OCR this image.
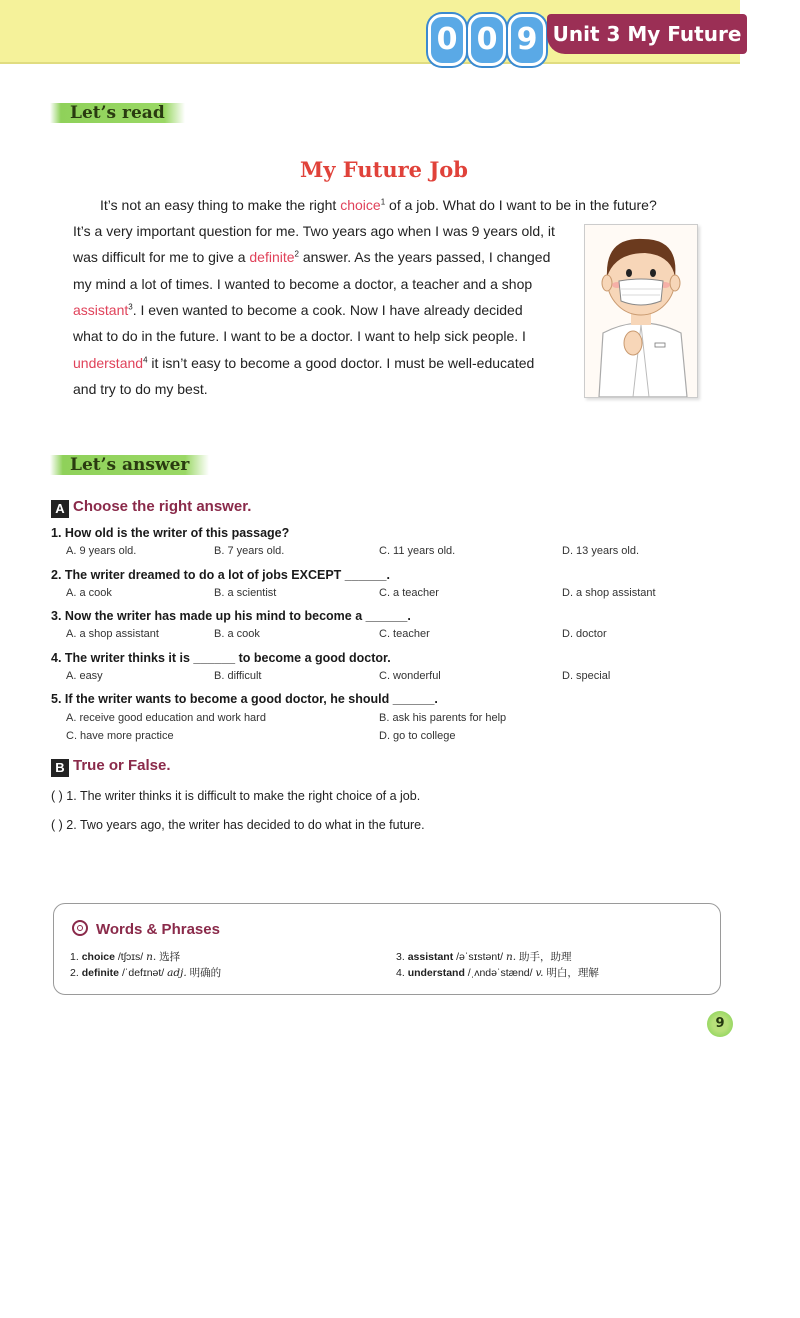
0 0 9 Unit 3 My Future
Let’s read
My Future Job
It’s not an easy thing to make the right choice$^1$ of a job. What do I want to be in the future?
It’s a very important question for me. Two years ago when I was 9 years old, it
was difficult for me to give a definite$^2$ answer. As the years passed, I changed
my mind a lot of times. I wanted to become a doctor, a teacher and a shop
assistant$^3$. I even wanted to become a cook. Now I have already decided
what to do in the future. I want to be a doctor. I want to help sick people. I
understand$^4$ it isn’t easy to become a good doctor. I must be well-educated
and try to do my best.
Let’s answer
A Choose the right answer.
1. How old is the writer of this passage?
A. 9 years old.	B. 7 years old.	C. 11 years old.	D. 13 years old.
2. The writer dreamed to do a lot of jobs EXCEPT ______.
A. a cook	B. a scientist	C. a teacher	D. a shop assistant
3. Now the writer has made up his mind to become a ______.
A. a shop assistant	B. a cook	C. teacher	D. doctor
4. The writer thinks it is ______ to become a good doctor.
A. easy	B. difficult	C. wonderful	D. special
5. If the writer wants to become a good doctor, he should ______.
A. receive good education and work hard	B. ask his parents for help
C. have more practice	D. go to college
B True or False.
( ) 1. The writer thinks it is difficult to make the right choice of a job.
( ) 2. Two years ago, the writer has decided to do what in the future.
Words & Phrases
1. choice /tʃɔɪs/ n. 选择
2. definite /ˈdefɪnət/ adj. 明确的
3. assistant /əˈsɪstənt/ n. 助手，助理
4. understand /ˌʌndəˈstænd/ v. 明白，理解
9
